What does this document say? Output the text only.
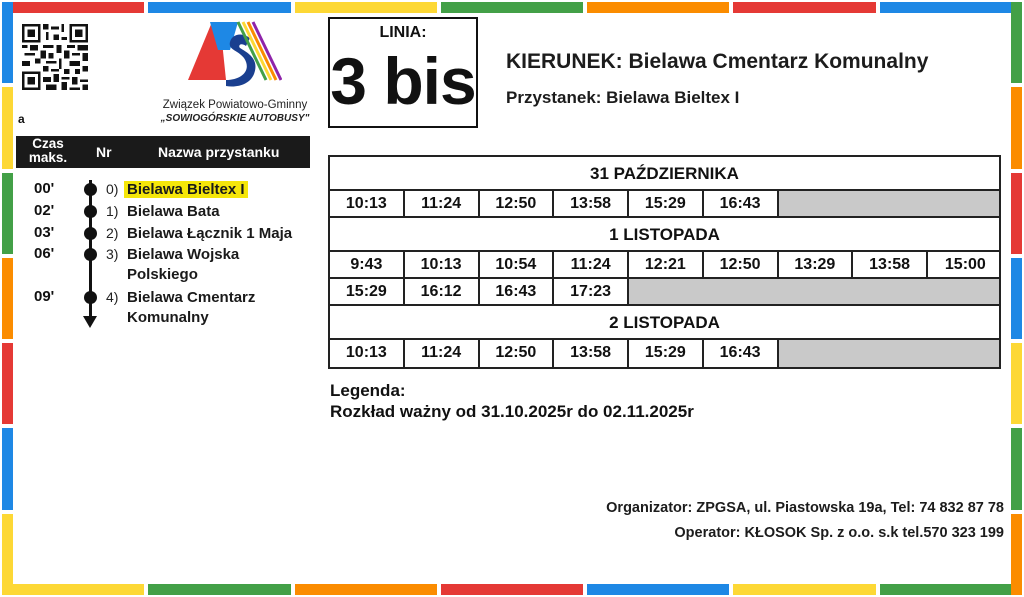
a
Związek Powiatowo-Gminny
„SOWIOGÓRSKIE AUTOBUSY"
Czas maks.	Nr	Nazwa przystanku
00'	0) Bielawa Bieltex I
02'	1) Bielawa Bata
03'	2) Bielawa Łącznik 1 Maja
06'	3) Bielawa Wojska Polskiego
09'	4) Bielawa Cmentarz Komunalny
LINIA:
3 bis KIERUNEK: Bielawa Cmentarz Komunalny
Przystanek: Bielawa Bieltex I
31 PAŹDZIERNIKA
10:13	11:24	12:50	13:58	15:29	16:43
1 LISTOPADA
9:43	10:13	10:54	11:24	12:21	12:50	13:29	13:58	15:00
15:29	16:12	16:43	17:23
2 LISTOPADA
10:13	11:24	12:50	13:58	15:29	16:43
Legenda:
Rozkład ważny od 31.10.2025r do 02.11.2025r
Organizator: ZPGSA, ul. Piastowska 19a, Tel: 74 832 87 78
Operator: KŁOSOK Sp. z o.o. s.k tel.570 323 199
